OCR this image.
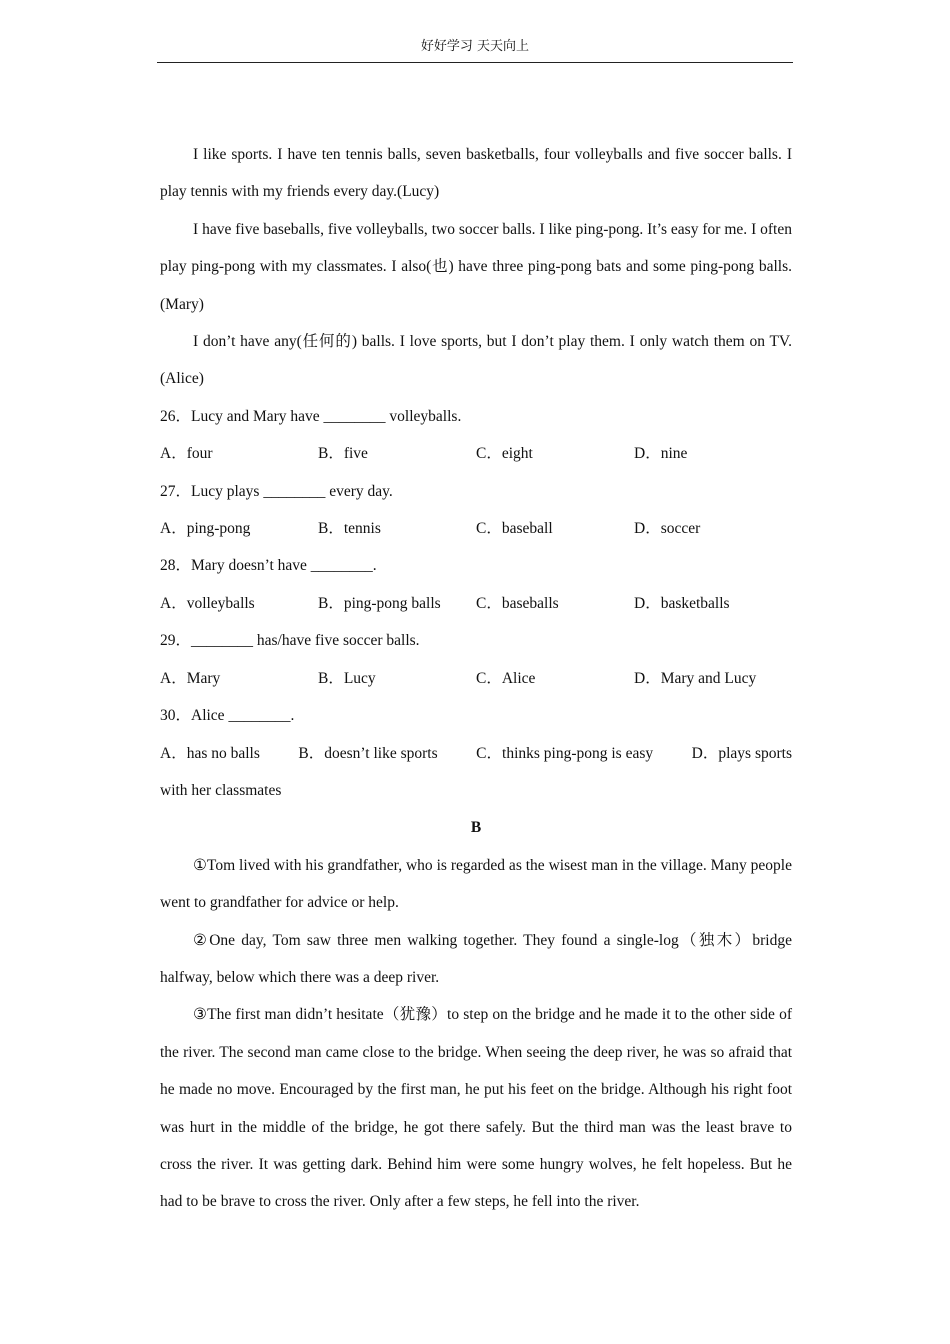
好好学习 天天向上

I like sports. I have ten tennis balls, seven basketballs, four volleyballs and five soccer balls. I play tennis with my friends every day.(Lucy)

I have five baseballs, five volleyballs, two soccer balls. I like ping-pong. It’s easy for me. I often play ping-pong with my classmates. I also(也) have three ping-pong bats and some ping-pong balls.(Mary)

I don’t have any(任何的) balls. I love sports, but I don’t play them. I only watch them on TV.(Alice)

26．Lucy and Mary have ________ volleyballs.

A．four	B．five	C．eight	D．nine

27．Lucy plays ________ every day.

A．ping-pong	B．tennis	C．baseball	D．soccer

28．Mary doesn’t have ________.

A．volleyballs	B．ping-pong balls	C．baseballs	D．basketballs

29．________ has/have five soccer balls.

A．Mary	B．Lucy	C．Alice	D．Mary and Lucy

30．Alice ________.

A．has no balls B．doesn’t like sports C．thinks ping-pong is easy D．plays sports

with her classmates

B

①Tom lived with his grandfather, who is regarded as the wisest man in the village. Many people went to grandfather for advice or help.

②One day, Tom saw three men walking together. They found a single-log（独木）bridge halfway, below which there was a deep river.

③The first man didn’t hesitate（犹豫）to step on the bridge and he made it to the other side of the river. The second man came close to the bridge. When seeing the deep river, he was so afraid that he made no move. Encouraged by the first man, he put his feet on the bridge. Although his right foot was hurt in the middle of the bridge, he got there safely. But the third man was the least brave to cross the river. It was getting dark. Behind him were some hungry wolves, he felt hopeless. But he had to be brave to cross the river. Only after a few steps, he fell into the river.
